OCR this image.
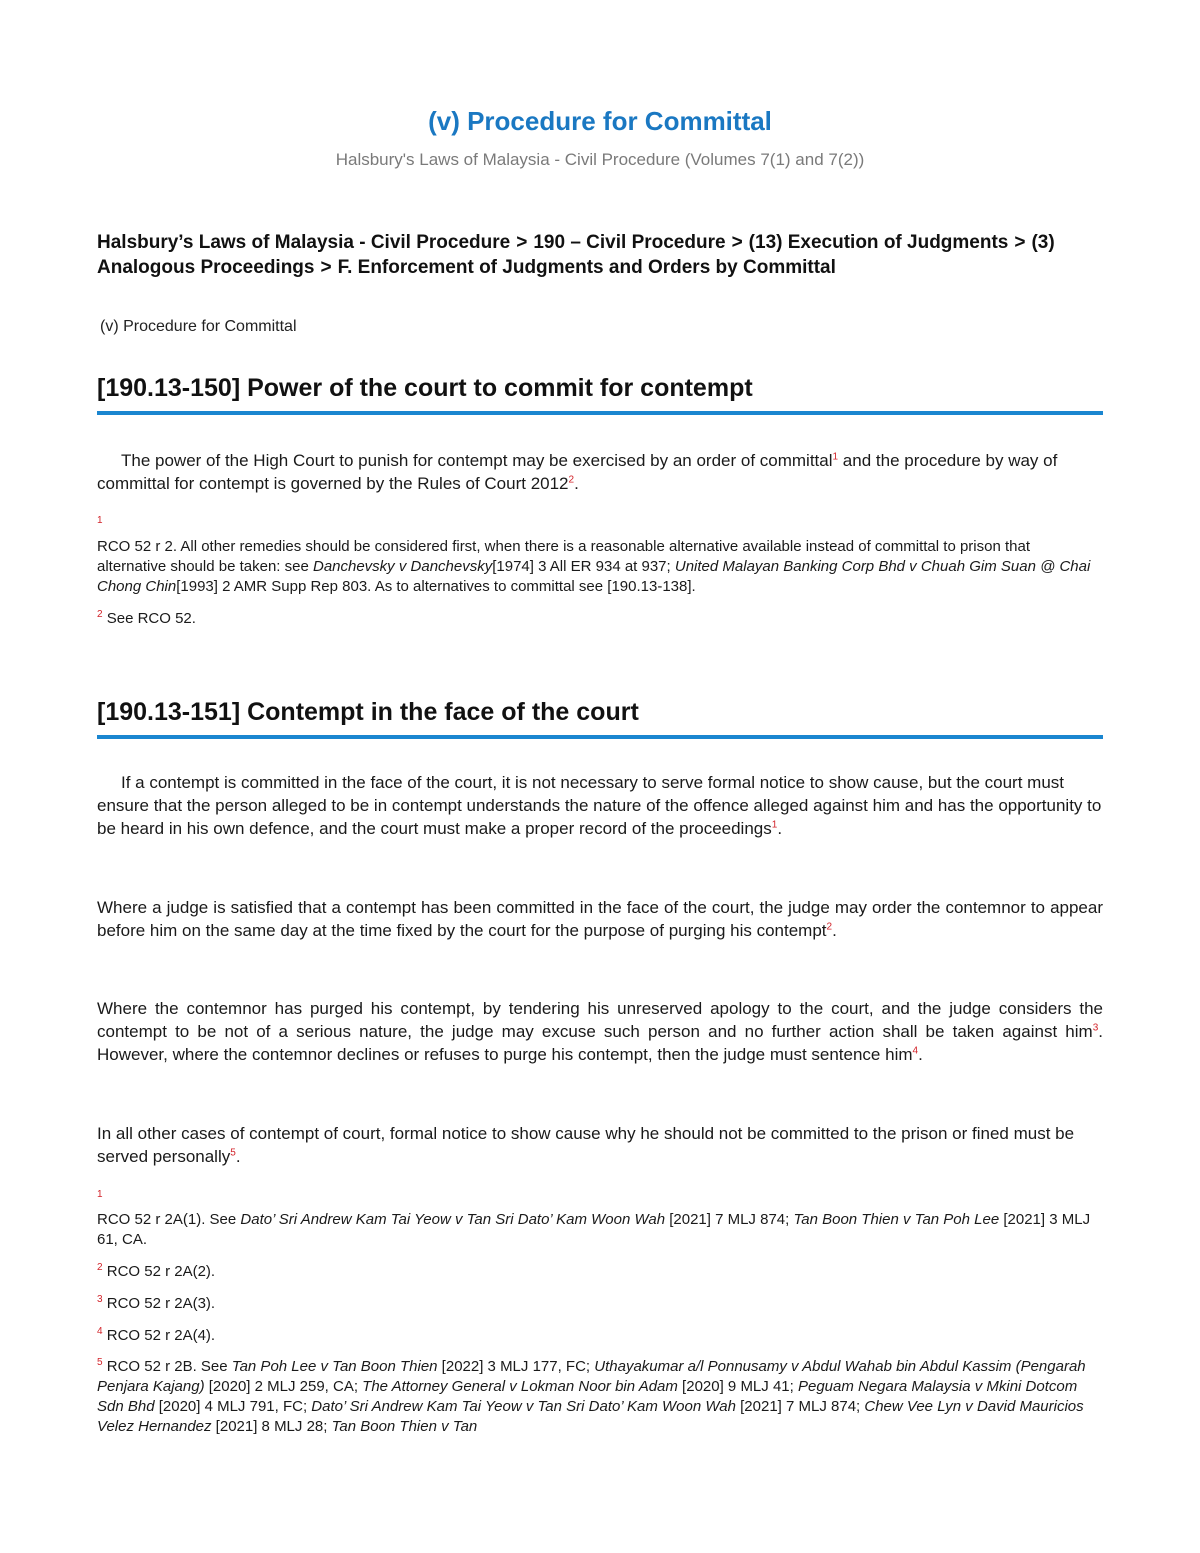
(v) Procedure for Committal
Halsbury's Laws of Malaysia - Civil Procedure (Volumes 7(1) and 7(2))
Halsbury’s Laws of Malaysia - Civil Procedure > 190 – Civil Procedure > (13) Execution of Judgments > (3) Analogous Proceedings > F. Enforcement of Judgments and Orders by Committal
(v) Procedure for Committal
[190.13-150] Power of the court to commit for contempt
The power of the High Court to punish for contempt may be exercised by an order of committal$^1$ and the procedure by way of committal for contempt is governed by the Rules of Court 2012$^2$.
1
RCO 52 r 2. All other remedies should be considered first, when there is a reasonable alternative available instead of committal to prison that alternative should be taken: see Danchevsky v Danchevsky[1974] 3 All ER 934 at 937; United Malayan Banking Corp Bhd v Chuah Gim Suan @ Chai Chong Chin[1993] 2 AMR Supp Rep 803. As to alternatives to committal see [190.13-138].
$^2$ See RCO 52.
[190.13-151] Contempt in the face of the court
If a contempt is committed in the face of the court, it is not necessary to serve formal notice to show cause, but the court must ensure that the person alleged to be in contempt understands the nature of the offence alleged against him and has the opportunity to be heard in his own defence, and the court must make a proper record of the proceedings$^1$.
Where a judge is satisfied that a contempt has been committed in the face of the court, the judge may order the contemnor to appear before him on the same day at the time fixed by the court for the purpose of purging his contempt$^2$.
Where the contemnor has purged his contempt, by tendering his unreserved apology to the court, and the judge considers the contempt to be not of a serious nature, the judge may excuse such person and no further action shall be taken against him$^3$. However, where the contemnor declines or refuses to purge his contempt, then the judge must sentence him$^4$.
In all other cases of contempt of court, formal notice to show cause why he should not be committed to the prison or fined must be served personally$^5$.
1
RCO 52 r 2A(1). See Dato’ Sri Andrew Kam Tai Yeow v Tan Sri Dato’ Kam Woon Wah [2021] 7 MLJ 874; Tan Boon Thien v Tan Poh Lee [2021] 3 MLJ 61, CA.
$^2$ RCO 52 r 2A(2).
$^3$ RCO 52 r 2A(3).
$^4$ RCO 52 r 2A(4).
$^5$ RCO 52 r 2B. See Tan Poh Lee v Tan Boon Thien [2022] 3 MLJ 177, FC; Uthayakumar a/l Ponnusamy v Abdul Wahab bin Abdul Kassim (Pengarah Penjara Kajang) [2020] 2 MLJ 259, CA; The Attorney General v Lokman Noor bin Adam [2020] 9 MLJ 41; Peguam Negara Malaysia v Mkini Dotcom Sdn Bhd [2020] 4 MLJ 791, FC; Dato’ Sri Andrew Kam Tai Yeow v Tan Sri Dato’ Kam Woon Wah [2021] 7 MLJ 874; Chew Vee Lyn v David Mauricios Velez Hernandez [2021] 8 MLJ 28; Tan Boon Thien v Tan
